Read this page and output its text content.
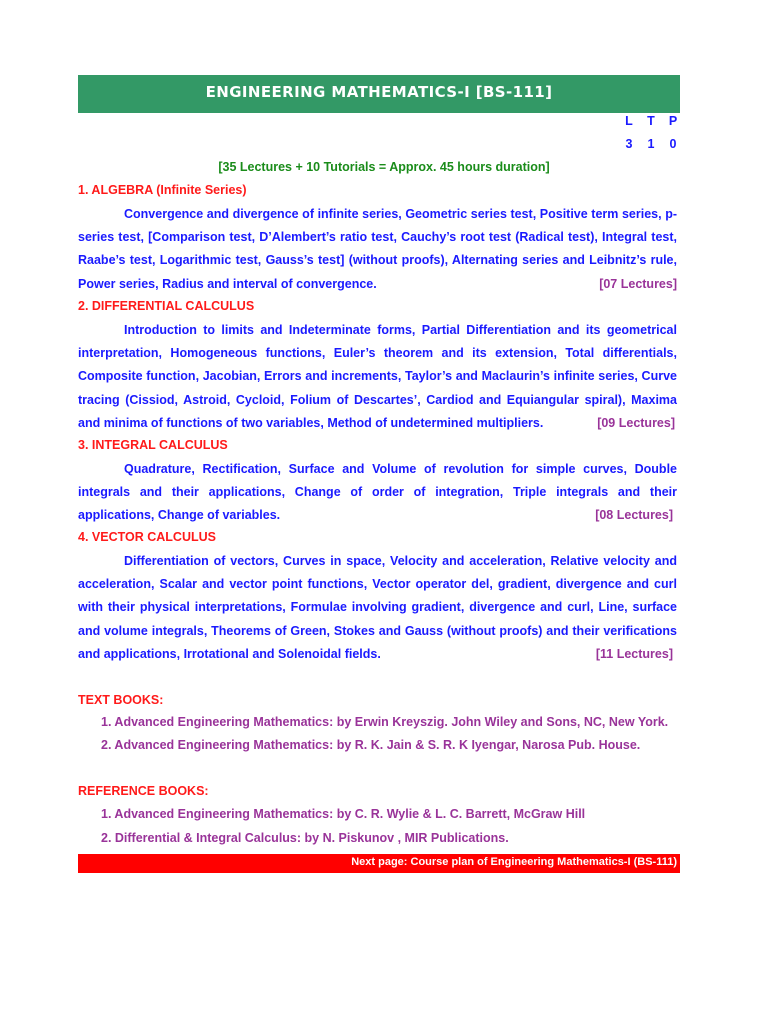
ENGINEERING MATHEMATICS-I [BS-111]
L T P
3 1 0
[35 Lectures + 10 Tutorials = Approx. 45 hours duration]
1. ALGEBRA (Infinite Series)
Convergence and divergence of infinite series, Geometric series test, Positive term series, p-
series test, [Comparison test, D’Alembert’s ratio test, Cauchy’s root test (Radical test), Integral test,
Raabe’s test, Logarithmic test, Gauss’s test] (without proofs), Alternating series and Leibnitz’s rule,
Power series, Radius and interval of convergence.	[07 Lectures]
2. DIFFERENTIAL CALCULUS
Introduction to limits and Indeterminate forms, Partial Differentiation and its geometrical
interpretation, Homogeneous functions, Euler’s theorem and its extension, Total differentials,
Composite function, Jacobian, Errors and increments, Taylor’s and Maclaurin’s infinite series, Curve
tracing (Cissiod, Astroid, Cycloid, Folium of Descartes’, Cardiod and Equiangular spiral), Maxima
and minima of functions of two variables, Method of undetermined multipliers.	[09 Lectures]
3. INTEGRAL CALCULUS
Quadrature, Rectification, Surface and Volume of revolution for simple curves, Double
integrals and their applications, Change of order of integration, Triple integrals and their
applications, Change of variables.	[08 Lectures]
4. VECTOR CALCULUS
Differentiation of vectors, Curves in space, Velocity and acceleration, Relative velocity and
acceleration, Scalar and vector point functions, Vector operator del, gradient, divergence and curl
with their physical interpretations, Formulae involving gradient, divergence and curl, Line, surface
and volume integrals, Theorems of Green, Stokes and Gauss (without proofs) and their verifications
and applications, Irrotational and Solenoidal fields.	[11 Lectures]
TEXT BOOKS:
1. Advanced Engineering Mathematics: by Erwin Kreyszig. John Wiley and Sons, NC, New York.
2. Advanced Engineering Mathematics: by R. K. Jain & S. R. K Iyengar, Narosa Pub. House.
REFERENCE BOOKS:
1. Advanced Engineering Mathematics: by C. R. Wylie & L. C. Barrett, McGraw Hill
2. Differential & Integral Calculus: by N. Piskunov , MIR Publications.
Next page: Course plan of Engineering Mathematics-I (BS-111)
